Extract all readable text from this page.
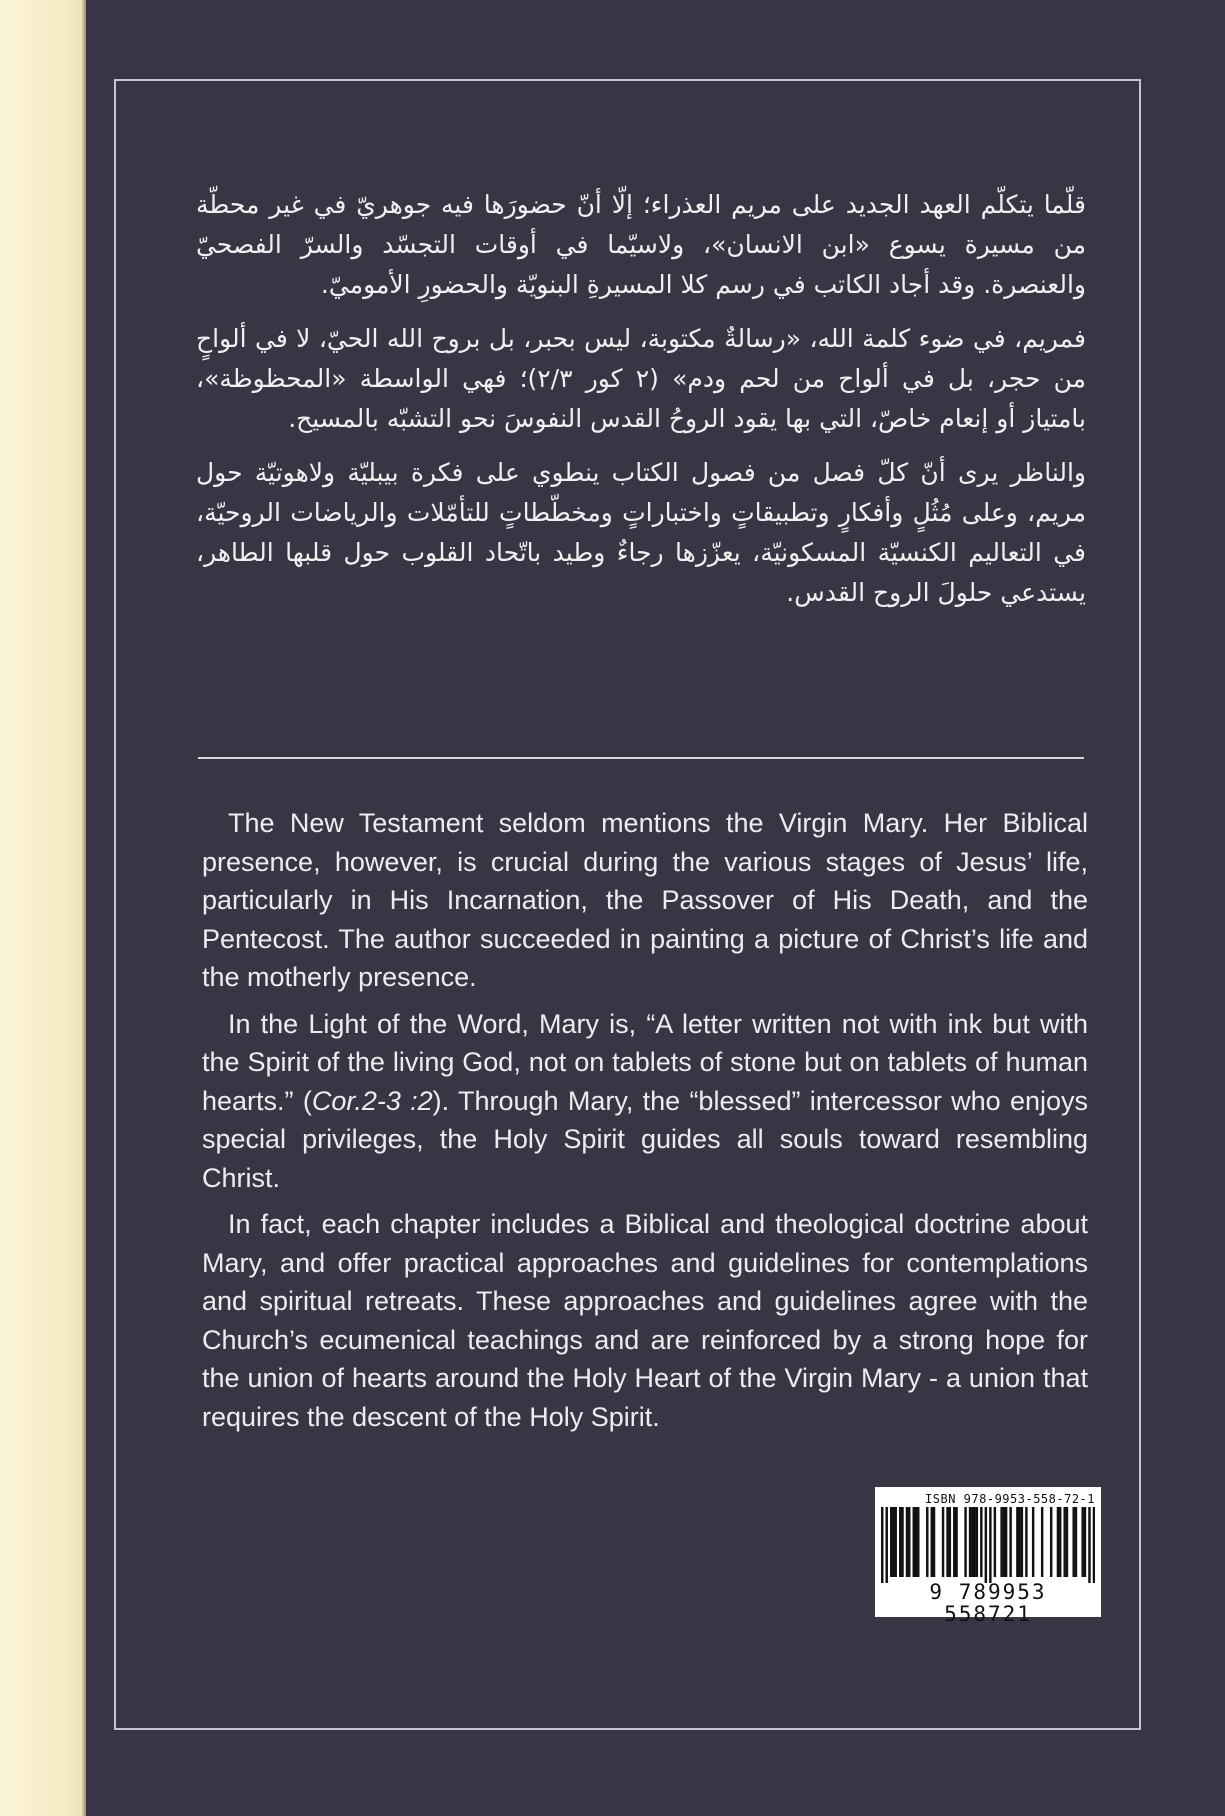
قلّما يتكلّم العهد الجديد على مريم العذراء؛ إلّا أنّ حضورَها فيه جوهريّ في غير محطّة من مسيرة يسوع «ابن الانسان»، ولاسيّما في أوقات التجسّد والسرّ الفصحيّ والعنصرة. وقد أجاد الكاتب في رسم كلا المسيرةِ البنويّة والحضورِ الأموميّ.

فمريم، في ضوء كلمة الله، «رسالةٌ مكتوبة، ليس بحبر، بل بروح الله الحيّ، لا في ألواحٍ من حجر، بل في ألواح من لحم ودم» (٢ كور ٢/٣)؛ فهي الواسطة «المحظوظة»، بامتياز أو إنعام خاصّ، التي بها يقود الروحُ القدس النفوسَ نحو التشبّه بالمسيح.

والناظر يرى أنّ كلّ فصل من فصول الكتاب ينطوي على فكرة بيبليّة ولاهوتيّة حول مريم، وعلى مُثُلٍ وأفكارٍ وتطبيقاتٍ واختباراتٍ ومخطّطاتٍ للتأمّلات والرياضات الروحيّة، في التعاليم الكنسيّة المسكونيّة، يعزّزها رجاءٌ وطيد باتّحاد القلوب حول قلبها الطاهر، يستدعي حلولَ الروح القدس.

The New Testament seldom mentions the Virgin Mary. Her Biblical presence, however, is crucial during the various stages of Jesus’ life, particularly in His Incarnation, the Passover of His Death, and the Pentecost. The author succeeded in painting a picture of Christ’s life and the motherly presence.

In the Light of the Word, Mary is, “A letter written not with ink but with the Spirit of the living God, not on tablets of stone but on tablets of human hearts.” (Cor.2-3 :2). Through Mary, the “blessed” intercessor who enjoys special privileges, the Holy Spirit guides all souls toward resembling Christ.

In fact, each chapter includes a Biblical and theological doctrine about Mary, and offer practical approaches and guidelines for contemplations and spiritual retreats. These approaches and guidelines agree with the Church’s ecumenical teachings and are reinforced by a strong hope for the union of hearts around the Holy Heart of the Virgin Mary - a union that requires the descent of the Holy Spirit.

ISBN 978-9953-558-72-1
9 789953 558721
